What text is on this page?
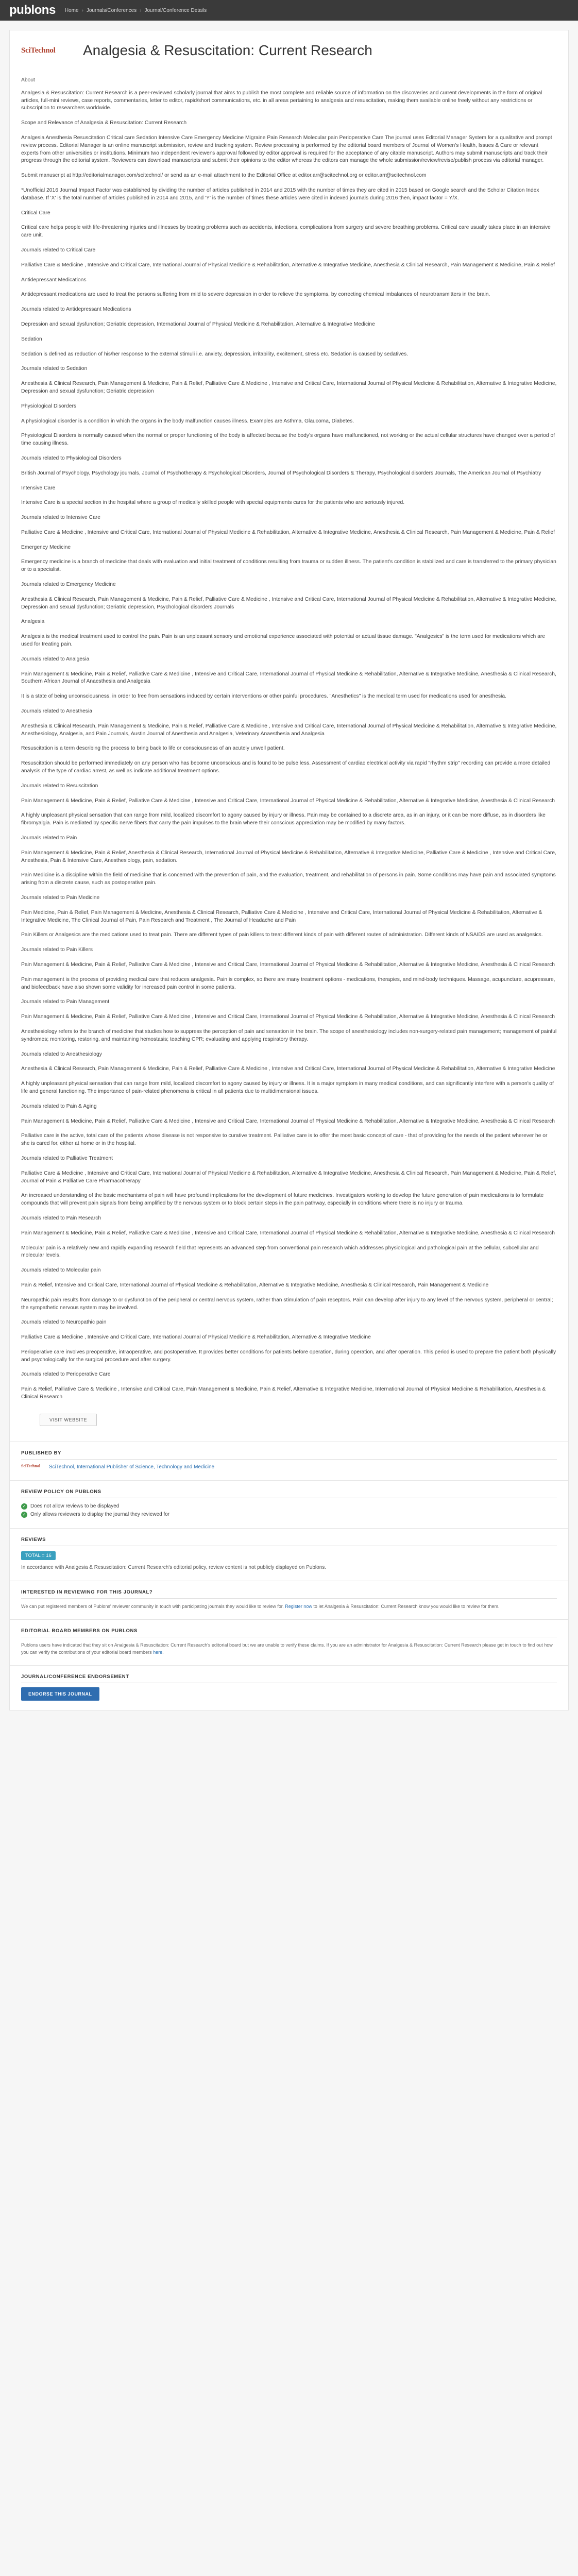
publons Home › Journals/Conferences › Journal/Conference Details
SciTechnol	Analgesia & Resuscitation: Current Research

About

Analgesia & Resuscitation: Current Research is a peer-reviewed scholarly journal that aims to publish the most complete and reliable source of information on the discoveries and current developments in the form of original articles, full-mini reviews, case reports, commentaries, letter to editor, rapid/short communications, etc. in all areas pertaining to analgesia and resuscitation, making them available online freely without any restrictions or subscription to researchers worldwide.

Scope and Relevance of Analgesia & Resuscitation: Current Research

Analgesia Anesthesia Resuscitation Critical care Sedation Intensive Care Emergency Medicine Migraine Pain Research Molecular pain Perioperative Care The journal uses Editorial Manager System for a qualitative and prompt review process. Editorial Manager is an online manuscript submission, review and tracking system. Review processing is performed by the editorial board members of Journal of Women's Health, Issues & Care or relevant experts from other universities or institutions. Minimum two independent reviewer's approval followed by editor approval is required for the acceptance of any citable manuscript. Authors may submit manuscripts and track their progress through the editorial system. Reviewers can download manuscripts and submit their opinions to the editor whereas the editors can manage the whole submission/review/revise/publish process via editorial manager.

Submit manuscript at http://editorialmanager.com/scitechnol/ or send as an e-mail attachment to the Editorial Office at editor.arr@scitechnol.org or editor.arr@scitechnol.com

*Unofficial 2016 Journal Impact Factor was established by dividing the number of articles published in 2014 and 2015 with the number of times they are cited in 2015 based on Google search and the Scholar Citation Index database. If 'X' is the total number of articles published in 2014 and 2015, and 'Y' is the number of times these articles were cited in indexed journals during 2016 then, impact factor = Y/X.

Critical Care

Critical care helps people with life-threatening injuries and illnesses by treating problems such as accidents, infections, complications from surgery and severe breathing problems. Critical care usually takes place in an intensive care unit.

Journals related to Critical Care

Palliative Care & Medicine , Intensive and Critical Care, International Journal of Physical Medicine & Rehabilitation, Alternative & Integrative Medicine, Anesthesia & Clinical Research, Pain Management & Medicine, Pain & Relief

Antidepressant Medications

Antidepressant medications are used to treat the persons suffering from mild to severe depression in order to relieve the symptoms, by correcting chemical imbalances of neurotransmitters in the brain.

Journals related to Antidepressant Medications

Depression and sexual dysfunction; Geriatric depression, International Journal of Physical Medicine & Rehabilitation, Alternative & Integrative Medicine

Sedation

Sedation is defined as reduction of his/her response to the external stimuli i.e. anxiety, depression, irritability, excitement, stress etc. Sedation is caused by sedatives.

Journals related to Sedation

Anesthesia & Clinical Research, Pain Management & Medicine, Pain & Relief, Palliative Care & Medicine , Intensive and Critical Care, International Journal of Physical Medicine & Rehabilitation, Alternative & Integrative Medicine, Depression and sexual dysfunction; Geriatric depression

Physiological Disorders

A physiological disorder is a condition in which the organs in the body malfunction causes illness. Examples are Asthma, Glaucoma, Diabetes.

Physiological Disorders is normally caused when the normal or proper functioning of the body is affected because the body's organs have malfunctioned, not working or the actual cellular structures have changed over a period of time causing illness.

Journals related to Physiological Disorders

British Journal of Psychology, Psychology journals, Journal of Psychotherapy & Psychological Disorders, Journal of Psychological Disorders & Therapy, Psychological disorders Journals, The American Journal of Psychiatry

Intensive Care

Intensive Care is a special section in the hospital where a group of medically skilled people with special equipments cares for the patients who are seriously injured.

Journals related to Intensive Care

Palliative Care & Medicine , Intensive and Critical Care, International Journal of Physical Medicine & Rehabilitation, Alternative & Integrative Medicine, Anesthesia & Clinical Research, Pain Management & Medicine, Pain & Relief

Emergency Medicine

Emergency medicine is a branch of medicine that deals with evaluation and initial treatment of conditions resulting from trauma or sudden illness. The patient's condition is stabilized and care is transferred to the primary physician or to a specialist.

Journals related to Emergency Medicine

Anesthesia & Clinical Research, Pain Management & Medicine, Pain & Relief, Palliative Care & Medicine , Intensive and Critical Care, International Journal of Physical Medicine & Rehabilitation, Alternative & Integrative Medicine, Depression and sexual dysfunction; Geriatric depression, Psychological disorders Journals

Analgesia

Analgesia is the medical treatment used to control the pain. Pain is an unpleasant sensory and emotional experience associated with potential or actual tissue damage. "Analgesics" is the term used for medications which are used for treating pain.

Journals related to Analgesia

Pain Management & Medicine, Pain & Relief, Palliative Care & Medicine , Intensive and Critical Care, International Journal of Physical Medicine & Rehabilitation, Alternative & Integrative Medicine, Anesthesia & Clinical Research, Southern African Journal of Anaesthesia and Analgesia

It is a state of being unconsciousness, in order to free from sensations induced by certain interventions or other painful procedures. "Anesthetics" is the medical term used for medications used for anesthesia.

Journals related to Anesthesia

Anesthesia & Clinical Research, Pain Management & Medicine, Pain & Relief, Palliative Care & Medicine , Intensive and Critical Care, International Journal of Physical Medicine & Rehabilitation, Alternative & Integrative Medicine, Anesthesiology, Analgesia, and Pain Journals, Austin Journal of Anesthesia and Analgesia, Veterinary Anaesthesia and Analgesia

Resuscitation is a term describing the process to bring back to life or consciousness of an acutely unwell patient.

Resuscitation should be performed immediately on any person who has become unconscious and is found to be pulse less. Assessment of cardiac electrical activity via rapid "rhythm strip" recording can provide a more detailed analysis of the type of cardiac arrest, as well as indicate additional treatment options.

Journals related to Resuscitation

Pain Management & Medicine, Pain & Relief, Palliative Care & Medicine , Intensive and Critical Care, International Journal of Physical Medicine & Rehabilitation, Alternative & Integrative Medicine, Anesthesia & Clinical Research

A highly unpleasant physical sensation that can range from mild, localized discomfort to agony caused by injury or illness. Pain may be contained to a discrete area, as in an injury, or it can be more diffuse, as in disorders like fibromyalgia. Pain is mediated by specific nerve fibers that carry the pain impulses to the brain where their conscious appreciation may be modified by many factors.

Journals related to Pain

Pain Management & Medicine, Pain & Relief, Anesthesia & Clinical Research, International Journal of Physical Medicine & Rehabilitation, Alternative & Integrative Medicine, Palliative Care & Medicine , Intensive and Critical Care, Anesthesia, Pain & Intensive Care, Anesthesiology, pain, sedation.

Pain Medicine is a discipline within the field of medicine that is concerned with the prevention of pain, and the evaluation, treatment, and rehabilitation of persons in pain. Some conditions may have pain and associated symptoms arising from a discrete cause, such as postoperative pain.

Journals related to Pain Medicine

Pain Medicine, Pain & Relief, Pain Management & Medicine, Anesthesia & Clinical Research, Palliative Care & Medicine , Intensive and Critical Care, International Journal of Physical Medicine & Rehabilitation, Alternative & Integrative Medicine, The Clinical Journal of Pain, Pain Research and Treatment , The Journal of Headache and Pain

Pain Killers or Analgesics are the medications used to treat pain. There are different types of pain killers to treat different kinds of pain with different routes of administration. Different kinds of NSAIDS are used as analgesics.

Journals related to Pain Killers

Pain Management & Medicine, Pain & Relief, Palliative Care & Medicine , Intensive and Critical Care, International Journal of Physical Medicine & Rehabilitation, Alternative & Integrative Medicine, Anesthesia & Clinical Research

Pain management is the process of providing medical care that reduces analgesia. Pain is complex, so there are many treatment options - medications, therapies, and mind-body techniques. Massage, acupuncture, acupressure, and biofeedback have also shown some validity for increased pain control in some patients.

Journals related to Pain Management

Pain Management & Medicine, Pain & Relief, Palliative Care & Medicine , Intensive and Critical Care, International Journal of Physical Medicine & Rehabilitation, Alternative & Integrative Medicine, Anesthesia & Clinical Research

Anesthesiology refers to the branch of medicine that studies how to suppress the perception of pain and sensation in the brain. The scope of anesthesiology includes non-surgery-related pain management; management of painful syndromes; monitoring, restoring, and maintaining hemostasis; teaching CPR; evaluating and applying respiratory therapy.

Journals related to Anesthesiology

Anesthesia & Clinical Research, Pain Management & Medicine, Pain & Relief, Palliative Care & Medicine , Intensive and Critical Care, International Journal of Physical Medicine & Rehabilitation, Alternative & Integrative Medicine

A highly unpleasant physical sensation that can range from mild, localized discomfort to agony caused by injury or illness. It is a major symptom in many medical conditions, and can significantly interfere with a person's quality of life and general functioning. The importance of pain-related phenomena is critical in all patients due to multidimensional issues.

Journals related to Pain & Aging

Pain Management & Medicine, Pain & Relief, Palliative Care & Medicine , Intensive and Critical Care, International Journal of Physical Medicine & Rehabilitation, Alternative & Integrative Medicine, Anesthesia & Clinical Research

Palliative care is the active, total care of the patients whose disease is not responsive to curative treatment. Palliative care is to offer the most basic concept of care - that of providing for the needs of the patient wherever he or she is cared for, either at home or in the hospital.

Journals related to Palliative Treatment

Palliative Care & Medicine , Intensive and Critical Care, International Journal of Physical Medicine & Rehabilitation, Alternative & Integrative Medicine, Anesthesia & Clinical Research, Pain Management & Medicine, Pain & Relief, Journal of Pain & Palliative Care Pharmacotherapy

An increased understanding of the basic mechanisms of pain will have profound implications for the development of future medicines. Investigators working to develop the future generation of pain medications is to formulate compounds that will prevent pain signals from being amplified by the nervous system or to block certain steps in the pain pathway, especially in conditions where there is no injury or trauma.

Journals related to Pain Research

Pain Management & Medicine, Pain & Relief, Palliative Care & Medicine , Intensive and Critical Care, International Journal of Physical Medicine & Rehabilitation, Alternative & Integrative Medicine, Anesthesia & Clinical Research

Molecular pain is a relatively new and rapidly expanding research field that represents an advanced step from conventional pain research which addresses physiological and pathological pain at the cellular, subcellular and molecular levels.

Journals related to Molecular pain

Pain & Relief, Intensive and Critical Care, International Journal of Physical Medicine & Rehabilitation, Alternative & Integrative Medicine, Anesthesia & Clinical Research, Pain Management & Medicine

Neuropathic pain results from damage to or dysfunction of the peripheral or central nervous system, rather than stimulation of pain receptors. Pain can develop after injury to any level of the nervous system, peripheral or central; the sympathetic nervous system may be involved.

Journals related to Neuropathic pain

Palliative Care & Medicine , Intensive and Critical Care, International Journal of Physical Medicine & Rehabilitation, Alternative & Integrative Medicine

Perioperative care involves preoperative, intraoperative, and postoperative. It provides better conditions for patients before operation, during operation, and after operation. This period is used to prepare the patient both physically and psychologically for the surgical procedure and after surgery.

Journals related to Perioperative Care

Pain & Relief, Palliative Care & Medicine , Intensive and Critical Care, Pain Management & Medicine, Pain & Relief, Alternative & Integrative Medicine, International Journal of Physical Medicine & Rehabilitation, Anesthesia & Clinical Research

VISIT WEBSITE
PUBLISHED BY
SciTechnol	SciTechnol, International Publisher of Science, Technology and Medicine
REVIEW POLICY ON PUBLONS
✓ Does not allow reviews to be displayed
✓ Only allows reviewers to display the journal they reviewed for
REVIEWS
TOTAL = 16
In accordance with Analgesia & Resuscitation: Current Research's editorial policy, review content is not publicly displayed on Publons.
INTERESTED IN REVIEWING FOR THIS JOURNAL?
We can put registered members of Publons' reviewer community in touch with participating journals they would like to review for. Register now to let Analgesia & Resuscitation: Current Research know you would like to review for them.
EDITORIAL BOARD MEMBERS ON PUBLONS
Publons users have indicated that they sit on Analgesia & Resuscitation: Current Research's editorial board but we are unable to verify these claims. If you are an administrator for Analgesia & Resuscitation: Current Research please get in touch to find out how you can verify the contributions of your editorial board members here.
JOURNAL/CONFERENCE ENDORSEMENT
ENDORSE THIS JOURNAL
